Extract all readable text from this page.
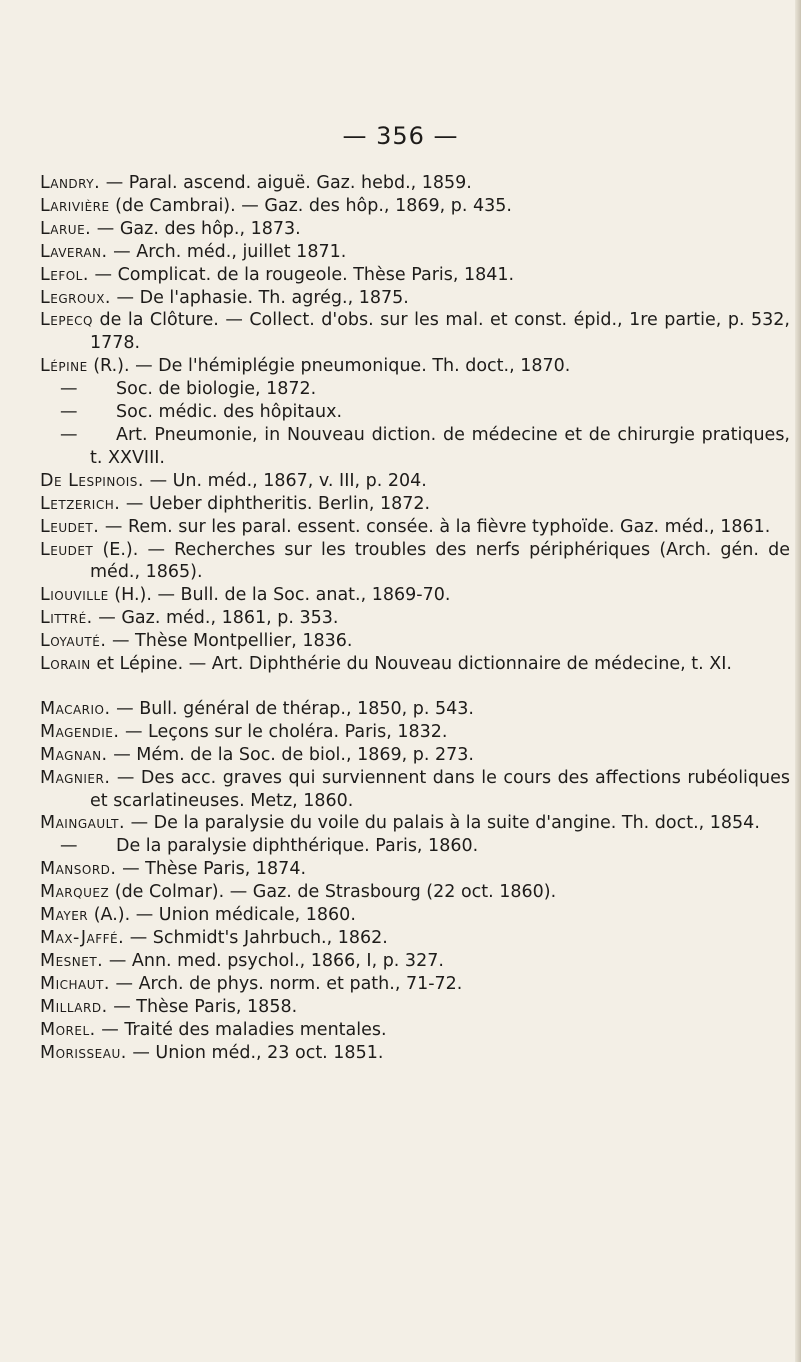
— 356 —
Landry. — Paral. ascend. aiguë. Gaz. hebd., 1859.
Larivière (de Cambrai). — Gaz. des hôp., 1869, p. 435.
Larue. — Gaz. des hôp., 1873.
Laveran. — Arch. méd., juillet 1871.
Lefol. — Complicat. de la rougeole. Thèse Paris, 1841.
Legroux. — De l'aphasie. Th. agrég., 1875.
Lepecq de la Clôture. — Collect. d'obs. sur les mal. et const. épid., 1re partie, p. 532, 1778.
Lépine (R.). — De l'hémiplégie pneumonique. Th. doct., 1870.
— Soc. de biologie, 1872.
— Soc. médic. des hôpitaux.
— Art. Pneumonie, in Nouveau diction. de médecine et de chirurgie pratiques, t. XXVIII.
De Lespinois. — Un. méd., 1867, v. III, p. 204.
Letzerich. — Ueber diphtheritis. Berlin, 1872.
Leudet. — Rem. sur les paral. essent. consée. à la fièvre typhoïde. Gaz. méd., 1861.
Leudet (E.). — Recherches sur les troubles des nerfs périphériques (Arch. gén. de méd., 1865).
Liouville (H.). — Bull. de la Soc. anat., 1869-70.
Littré. — Gaz. méd., 1861, p. 353.
Loyauté. — Thèse Montpellier, 1836.
Lorain et Lépine. — Art. Diphthérie du Nouveau dictionnaire de médecine, t. XI.
Macario. — Bull. général de thérap., 1850, p. 543.
Magendie. — Leçons sur le choléra. Paris, 1832.
Magnan. — Mém. de la Soc. de biol., 1869, p. 273.
Magnier. — Des acc. graves qui surviennent dans le cours des affections rubéoliques et scarlatineuses. Metz, 1860.
Maingault. — De la paralysie du voile du palais à la suite d'angine. Th. doct., 1854.
— De la paralysie diphthérique. Paris, 1860.
Mansord. — Thèse Paris, 1874.
Marquez (de Colmar). — Gaz. de Strasbourg (22 oct. 1860).
Mayer (A.). — Union médicale, 1860.
Max-Jaffé. — Schmidt's Jahrbuch., 1862.
Mesnet. — Ann. med. psychol., 1866, I, p. 327.
Michaut. — Arch. de phys. norm. et path., 71-72.
Millard. — Thèse Paris, 1858.
Morel. — Traité des maladies mentales.
Morisseau. — Union méd., 23 oct. 1851.
